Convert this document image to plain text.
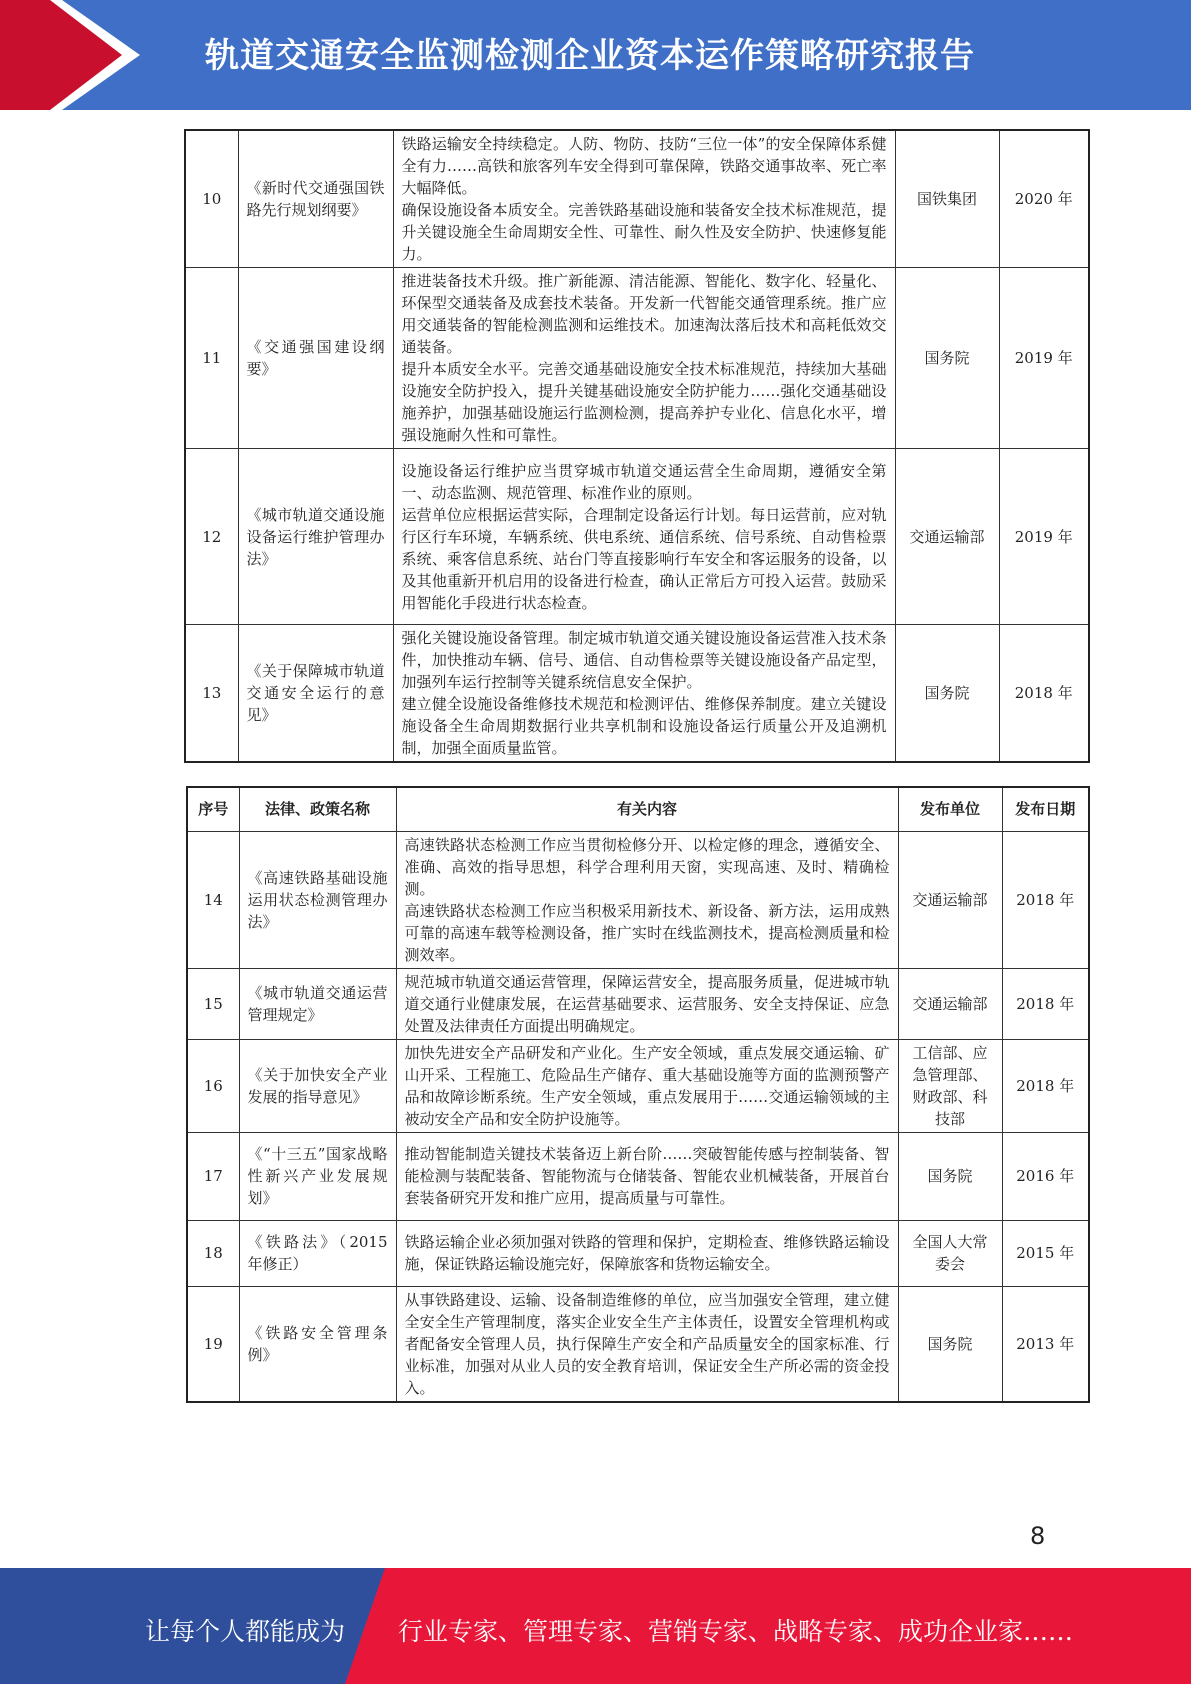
轨道交通安全监测检测企业资本运作策略研究报告
10	《新时代交通强国铁路先行规划纲要》	铁路运输安全持续稳定。人防、物防、技防“三位一体”的安全保障体系健全有力……高铁和旅客列车安全得到可靠保障，铁路交通事故率、死亡率大幅降低。
确保设施设备本质安全。完善铁路基础设施和装备安全技术标准规范，提升关键设施全生命周期安全性、可靠性、耐久性及安全防护、快速修复能力。	国铁集团	2020 年
11	《交通强国建设纲要》	推进装备技术升级。推广新能源、清洁能源、智能化、数字化、轻量化、环保型交通装备及成套技术装备。开发新一代智能交通管理系统。推广应用交通装备的智能检测监测和运维技术。加速淘汰落后技术和高耗低效交通装备。
提升本质安全水平。完善交通基础设施安全技术标准规范，持续加大基础设施安全防护投入，提升关键基础设施安全防护能力……强化交通基础设施养护，加强基础设施运行监测检测，提高养护专业化、信息化水平，增强设施耐久性和可靠性。	国务院	2019 年
12	《城市轨道交通设施设备运行维护管理办法》	设施设备运行维护应当贯穿城市轨道交通运营全生命周期，遵循安全第一、动态监测、规范管理、标准作业的原则。
运营单位应根据运营实际，合理制定设备运行计划。每日运营前，应对轨行区行车环境，车辆系统、供电系统、通信系统、信号系统、自动售检票系统、乘客信息系统、站台门等直接影响行车安全和客运服务的设备，以及其他重新开机启用的设备进行检查，确认正常后方可投入运营。鼓励采用智能化手段进行状态检查。	交通运输部	2019 年
13	《关于保障城市轨道交通安全运行的意见》	强化关键设施设备管理。制定城市轨道交通关键设施设备运营准入技术条件，加快推动车辆、信号、通信、自动售检票等关键设施设备产品定型，加强列车运行控制等关键系统信息安全保护。
建立健全设施设备维修技术规范和检测评估、维修保养制度。建立关键设施设备全生命周期数据行业共享机制和设施设备运行质量公开及追溯机制，加强全面质量监管。	国务院	2018 年
序号	法律、政策名称	有关内容	发布单位	发布日期
14	《高速铁路基础设施运用状态检测管理办法》	高速铁路状态检测工作应当贯彻检修分开、以检定修的理念，遵循安全、准确、高效的指导思想，科学合理利用天窗，实现高速、及时、精确检测。
高速铁路状态检测工作应当积极采用新技术、新设备、新方法，运用成熟可靠的高速车载等检测设备，推广实时在线监测技术，提高检测质量和检测效率。	交通运输部	2018 年
15	《城市轨道交通运营管理规定》	规范城市轨道交通运营管理，保障运营安全，提高服务质量，促进城市轨道交通行业健康发展，在运营基础要求、运营服务、安全支持保证、应急处置及法律责任方面提出明确规定。	交通运输部	2018 年
16	《关于加快安全产业发展的指导意见》	加快先进安全产品研发和产业化。生产安全领域，重点发展交通运输、矿山开采、工程施工、危险品生产储存、重大基础设施等方面的监测预警产品和故障诊断系统。生产安全领域，重点发展用于……交通运输领域的主被动安全产品和安全防护设施等。	工信部、应急管理部、财政部、科技部	2018 年
17	《“十三五”国家战略性新兴产业发展规划》	推动智能制造关键技术装备迈上新台阶……突破智能传感与控制装备、智能检测与装配装备、智能物流与仓储装备、智能农业机械装备，开展首台套装备研究开发和推广应用，提高质量与可靠性。	国务院	2016 年
18	《铁路法》（2015 年修正）	铁路运输企业必须加强对铁路的管理和保护，定期检查、维修铁路运输设施，保证铁路运输设施完好，保障旅客和货物运输安全。	全国人大常委会	2015 年
19	《铁路安全管理条例》	从事铁路建设、运输、设备制造维修的单位，应当加强安全管理，建立健全安全生产管理制度，落实企业安全生产主体责任，设置安全管理机构或者配备安全管理人员，执行保障生产安全和产品质量安全的国家标准、行业标准，加强对从业人员的安全教育培训，保证安全生产所必需的资金投入。	国务院	2013 年
8
让每个人都能成为 行业专家、管理专家、营销专家、战略专家、成功企业家……
